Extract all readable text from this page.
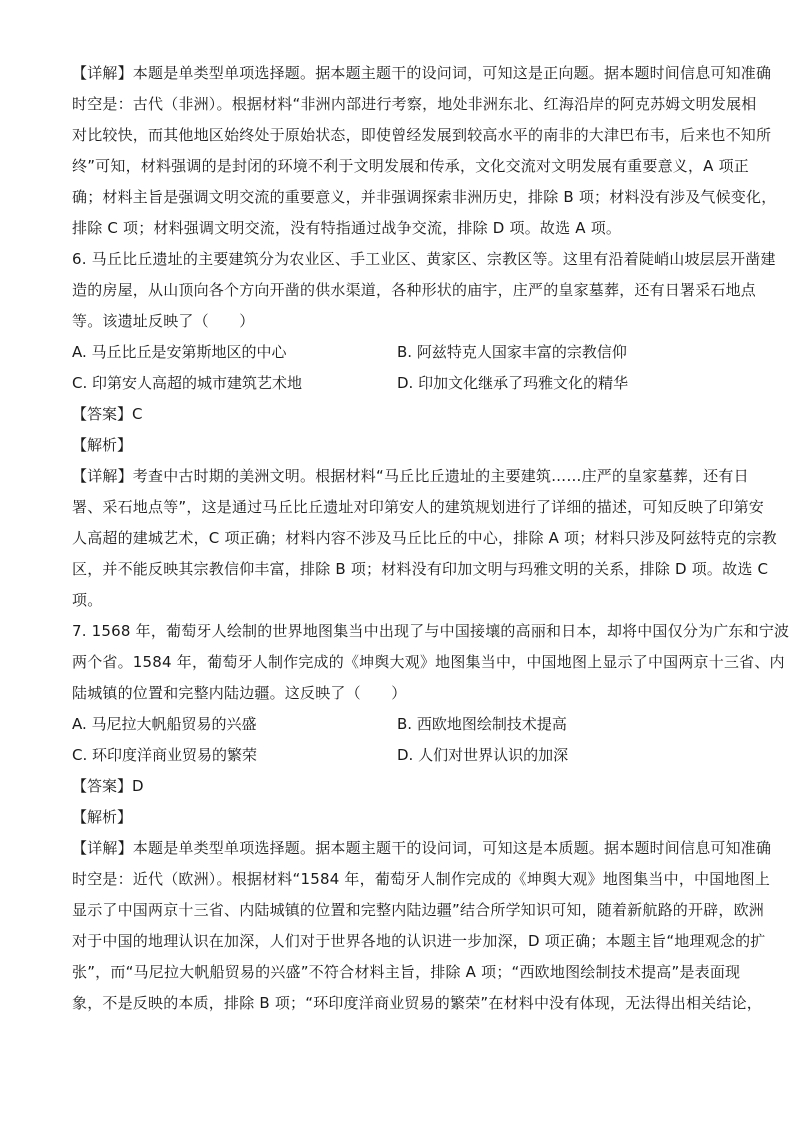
【详解】本题是单类型单项选择题。据本题主题干的设问词，可知这是正向题。据本题时间信息可知准确
时空是：古代（非洲）。根据材料“非洲内部进行考察，地处非洲东北、红海沿岸的阿克苏姆文明发展相
对比较快，而其他地区始终处于原始状态，即使曾经发展到较高水平的南非的大津巴布韦，后来也不知所
终”可知，材料强调的是封闭的环境不利于文明发展和传承，文化交流对文明发展有重要意义，A 项正
确；材料主旨是强调文明交流的重要意义，并非强调探索非洲历史，排除 B 项；材料没有涉及气候变化，
排除 C 项；材料强调文明交流，没有特指通过战争交流，排除 D 项。故选 A 项。
6. 马丘比丘遗址的主要建筑分为农业区、手工业区、黄家区、宗教区等。这里有沿着陡峭山坡层层开凿建
造的房屋，从山顶向各个方向开凿的供水渠道，各种形状的庙宇，庄严的皇家墓葬，还有日署采石地点
等。该遗址反映了（　　）
A. 马丘比丘是安第斯地区的中心	B. 阿兹特克人国家丰富的宗教信仰
C. 印第安人高超的城市建筑艺术地	D. 印加文化继承了玛雅文化的精华
【答案】C
【解析】
【详解】考查中古时期的美洲文明。根据材料“马丘比丘遗址的主要建筑……庄严的皇家墓葬，还有日
署、采石地点等”，这是通过马丘比丘遗址对印第安人的建筑规划进行了详细的描述，可知反映了印第安
人高超的建城艺术，C 项正确；材料内容不涉及马丘比丘的中心，排除 A 项；材料只涉及阿兹特克的宗教
区，并不能反映其宗教信仰丰富，排除 B 项；材料没有印加文明与玛雅文明的关系，排除 D 项。故选 C
项。
7. 1568 年，葡萄牙人绘制的世界地图集当中出现了与中国接壤的高丽和日本，却将中国仅分为广东和宁波
两个省。1584 年，葡萄牙人制作完成的《坤舆大观》地图集当中，中国地图上显示了中国两京十三省、内
陆城镇的位置和完整内陆边疆。这反映了（　　）
A. 马尼拉大帆船贸易的兴盛	B. 西欧地图绘制技术提高
C. 环印度洋商业贸易的繁荣	D. 人们对世界认识的加深
【答案】D
【解析】
【详解】本题是单类型单项选择题。据本题主题干的设问词，可知这是本质题。据本题时间信息可知准确
时空是：近代（欧洲）。根据材料“1584 年，葡萄牙人制作完成的《坤舆大观》地图集当中，中国地图上
显示了中国两京十三省、内陆城镇的位置和完整内陆边疆”结合所学知识可知，随着新航路的开辟，欧洲
对于中国的地理认识在加深，人们对于世界各地的认识进一步加深，D 项正确；本题主旨“地理观念的扩
张”，而“马尼拉大帆船贸易的兴盛”不符合材料主旨，排除 A 项；“西欧地图绘制技术提高”是表面现
象，不是反映的本质，排除 B 项；“环印度洋商业贸易的繁荣”在材料中没有体现，无法得出相关结论，
